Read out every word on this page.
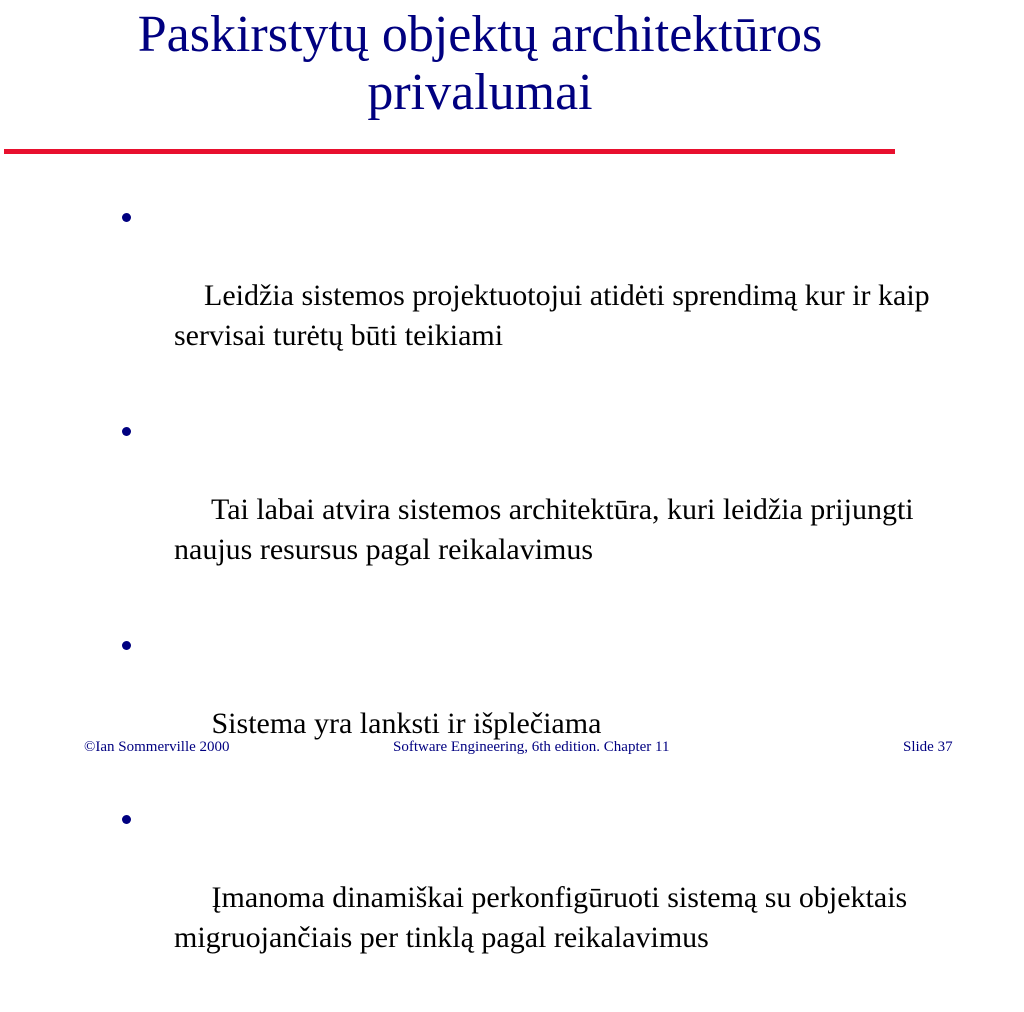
Paskirstytų objektų architektūros
privalumai

Leidžia sistemos projektuotojui atidėti sprendimą kur ir kaip servisai turėtų būti teikiami

Tai labai atvira sistemos architektūra, kuri leidžia prijungti naujus resursus pagal reikalavimus

Sistema yra lanksti ir išplečiama

Įmanoma dinamiškai perkonfigūruoti sistemą su objektais migruojančiais per tinklą pagal reikalavimus

©Ian Sommerville 2000	Software Engineering, 6th edition. Chapter 11	Slide 37
